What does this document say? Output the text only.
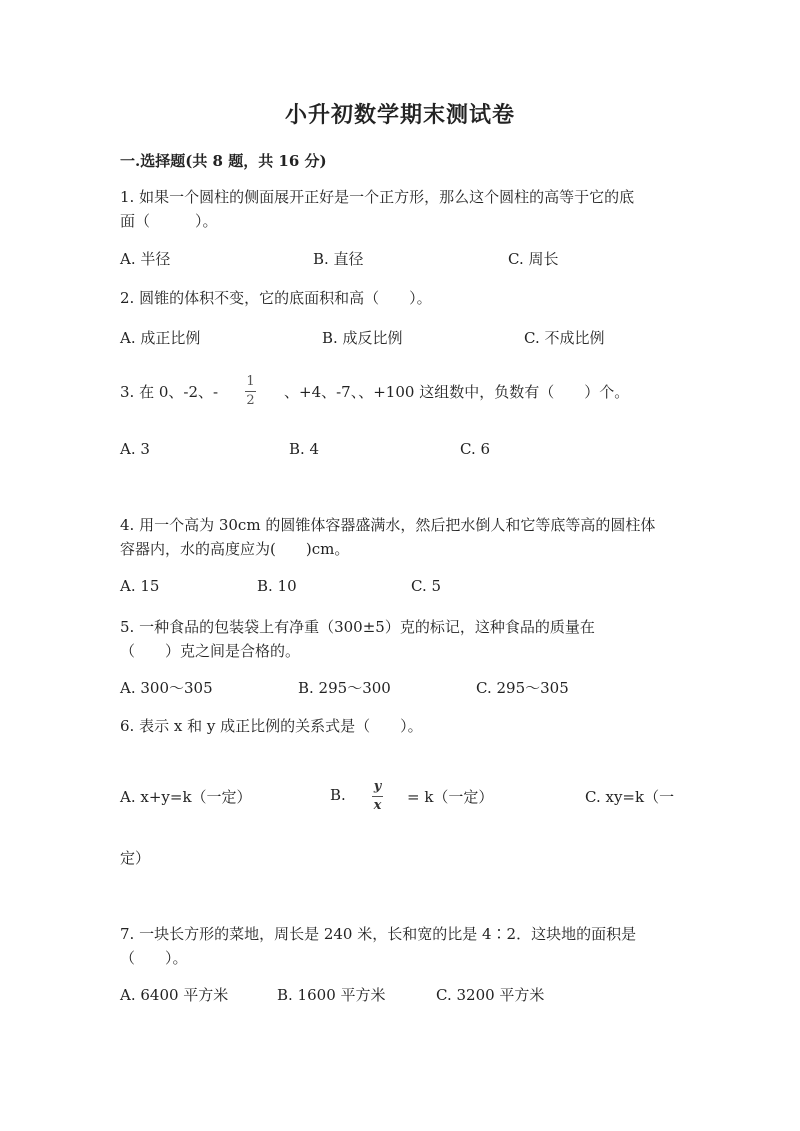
小升初数学期末测试卷
一.选择题(共 8 题，共 16 分)
1. 如果一个圆柱的侧面展开正好是一个正方形，那么这个圆柱的高等于它的底
面（　　　）。
A. 半径	B. 直径	C. 周长
2. 圆锥的体积不变，它的底面积和高（　　）。
A. 成正比例	B. 成反比例	C. 不成比例
3. 在 0、-2、-
1
2 、+4、-7、、+100 这组数中，负数有（　　）个。
A. 3	B. 4	C. 6
4. 用一个高为 30cm 的圆锥体容器盛满水，然后把水倒人和它等底等高的圆柱体
容器内，水的高度应为(　　)cm。
A. 15	B. 10	C. 5
5. 一种食品的包装袋上有净重（300±5）克的标记，这种食品的质量在
（　　）克之间是合格的。
A. 300～305	B. 295～300	C. 295～305
6. 表示 x 和 y 成正比例的关系式是（　　）。
A. x+y=k（一定）	B. y
x = k（一定）	C. xy=k（一
定）
7. 一块长方形的菜地，周长是 240 米，长和宽的比是 4∶2．这块地的面积是
（　　）。
A. 6400 平方米	B. 1600 平方米	C. 3200 平方米
